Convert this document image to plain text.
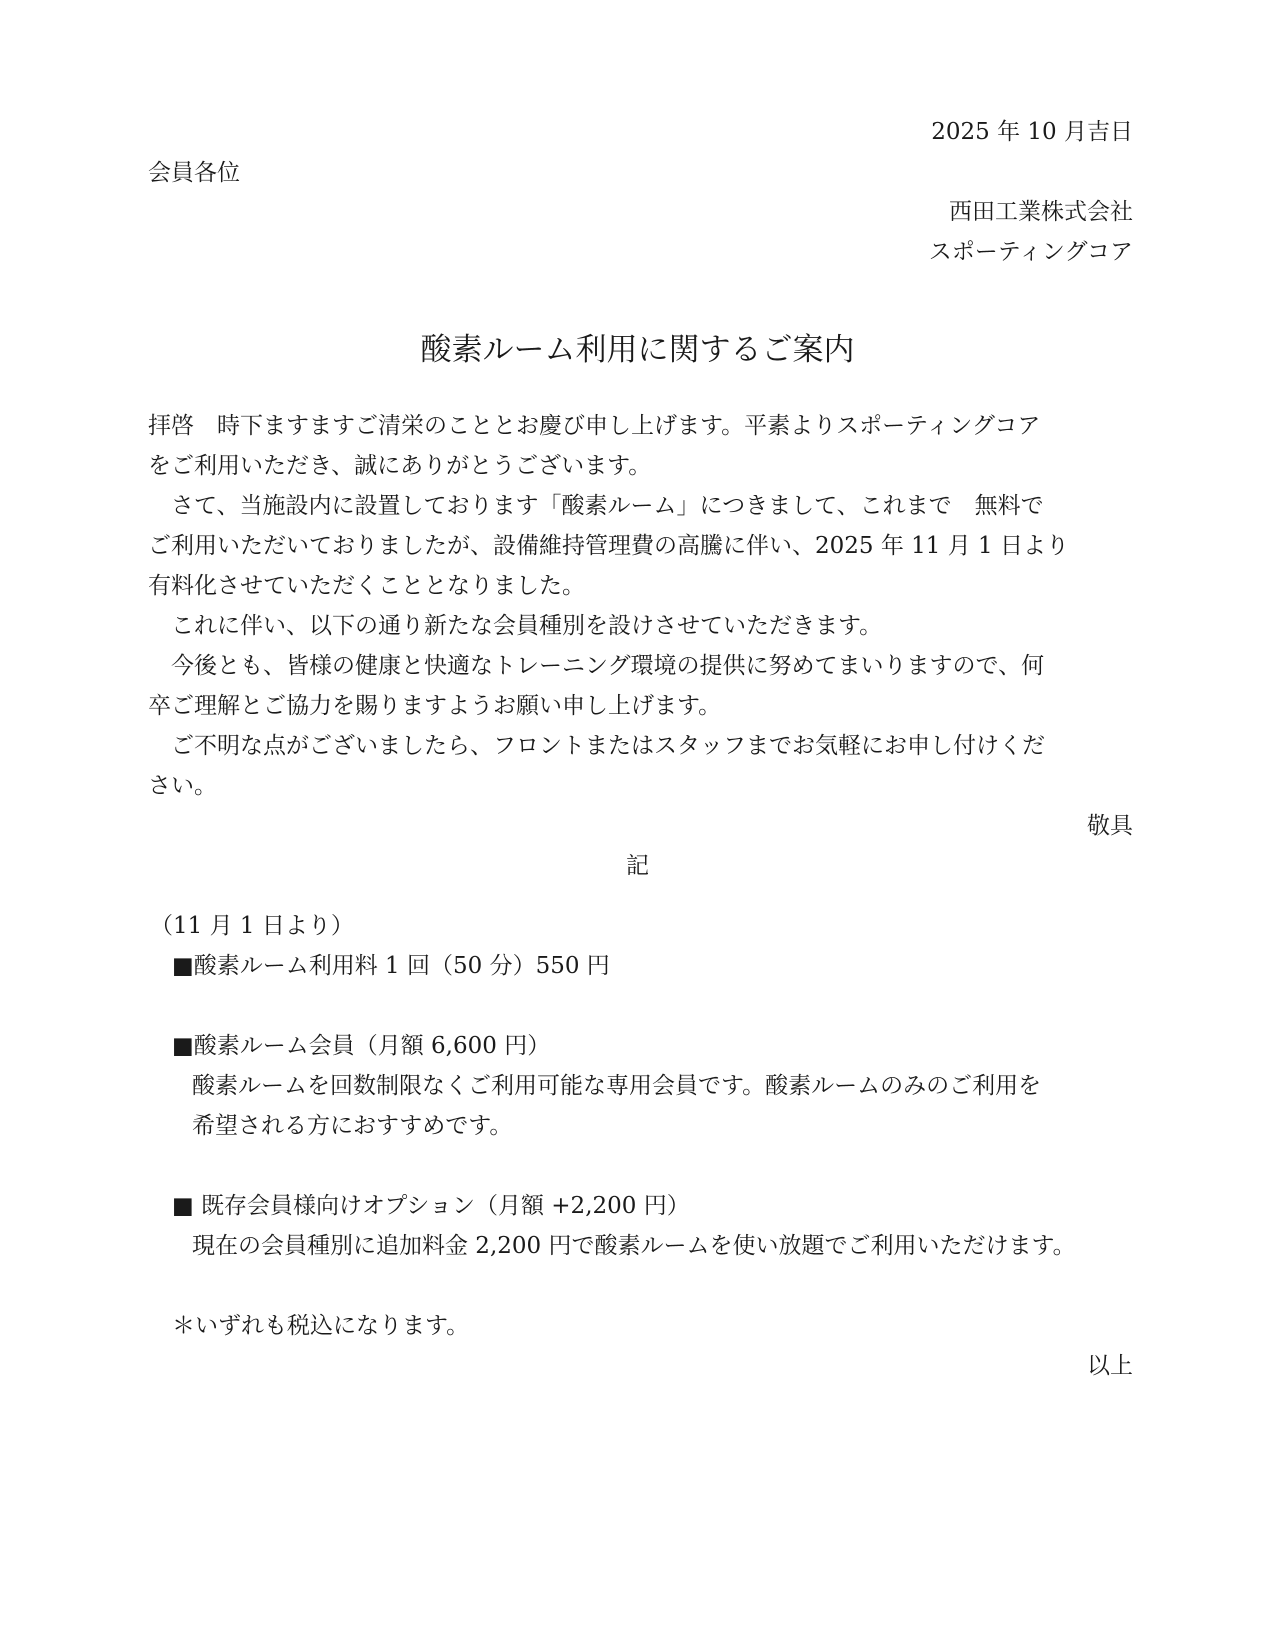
2025 年 10 月吉日
会員各位
西田工業株式会社
スポーティングコア
酸素ルーム利用に関するご案内
拝啓　時下ますますご清栄のこととお慶び申し上げます。平素よりスポーティングコア
をご利用いただき、誠にありがとうございます。
　さて、当施設内に設置しております「酸素ルーム」につきまして、これまで　無料で
ご利用いただいておりましたが、設備維持管理費の高騰に伴い、2025 年 11 月 1 日より
有料化させていただくこととなりました。
　これに伴い、以下の通り新たな会員種別を設けさせていただきます。
　今後とも、皆様の健康と快適なトレーニング環境の提供に努めてまいりますので、何
卒ご理解とご協力を賜りますようお願い申し上げます。
　ご不明な点がございましたら、フロントまたはスタッフまでお気軽にお申し付けくだ
さい。
敬具
記
（11 月 1 日より）
■酸素ルーム利用料 1 回（50 分）550 円
■酸素ルーム会員（月額 6,600 円）
酸素ルームを回数制限なくご利用可能な専用会員です。酸素ルームのみのご利用を
希望される方におすすめです。
■ 既存会員様向けオプション（月額 +2,200 円）
現在の会員種別に追加料金 2,200 円で酸素ルームを使い放題でご利用いただけます。
＊いずれも税込になります。
以上
